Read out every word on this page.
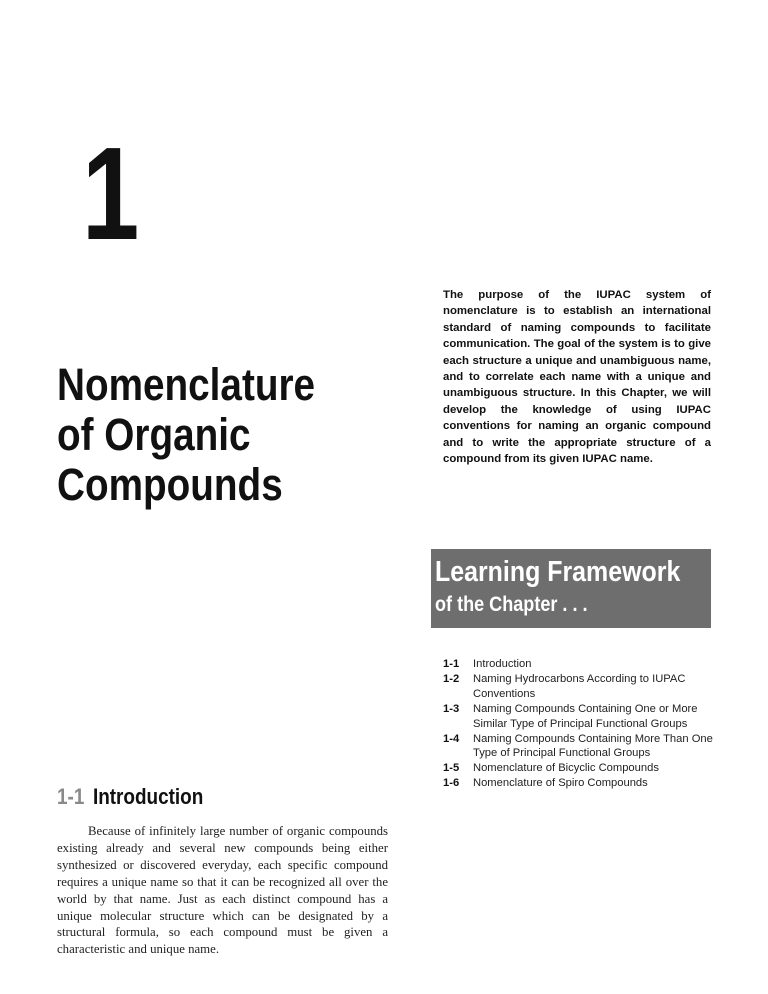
1
Nomenclature
of Organic
Compounds
The purpose of the IUPAC system of nomenclature is to establish an international standard of naming compounds to facilitate communication. The goal of the system is to give each structure a unique and unambiguous name, and to correlate each name with a unique and unambiguous structure. In this Chapter, we will develop the knowledge of using IUPAC conventions for naming an organic compound and to write the appropriate structure of a compound from its given IUPAC name.
Learning Framework
of the Chapter . . .
1-1	Introduction
1-2	Naming Hydrocarbons According to IUPAC Conventions
1-3	Naming Compounds Containing One or More Similar Type of Principal Functional Groups
1-4	Naming Compounds Containing More Than One Type of Principal Functional Groups
1-5	Nomenclature of Bicyclic Compounds
1-6	Nomenclature of Spiro Compounds
1-1 Introduction

Because of infinitely large number of organic compounds existing already and several new compounds being either synthesized or discovered everyday, each specific compound requires a unique name so that it can be recognized all over the world by that name. Just as each distinct compound has a unique molecular structure which can be designated by a structural formula, so each compound must be given a characteristic and unique name.
